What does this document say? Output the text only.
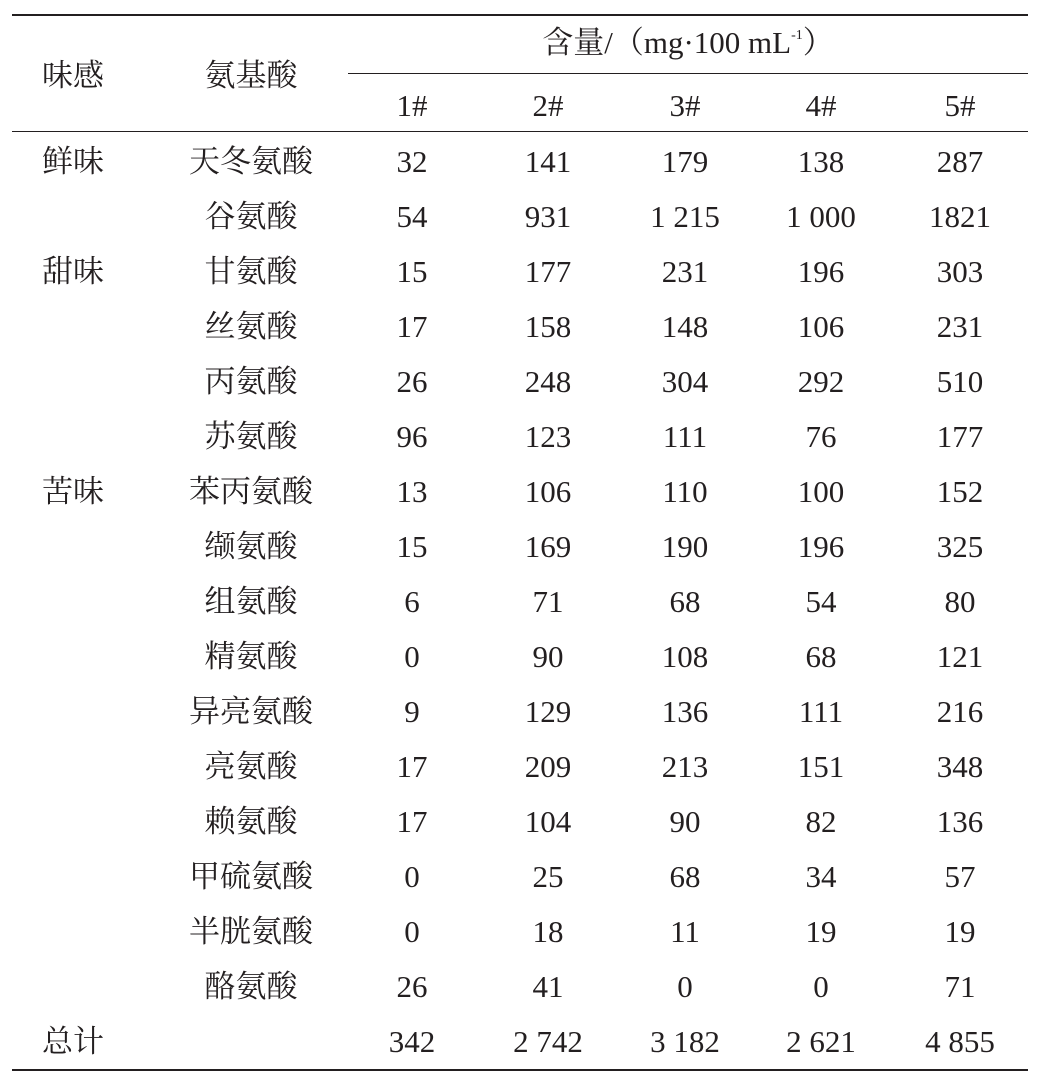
味感	氨基酸	含量/（mg·100 $mL^{-1}$）				
		1#	2#	3#	4#	5#
鲜味	天冬氨酸	32	141	179	138	287
	谷氨酸	54	931	1 215	1 000	1821
甜味	甘氨酸	15	177	231	196	303
	丝氨酸	17	158	148	106	231
	丙氨酸	26	248	304	292	510
	苏氨酸	96	123	111	76	177
苦味	苯丙氨酸	13	106	110	100	152
	缬氨酸	15	169	190	196	325
	组氨酸	6	71	68	54	80
	精氨酸	0	90	108	68	121
	异亮氨酸	9	129	136	111	216
	亮氨酸	17	209	213	151	348
	赖氨酸	17	104	90	82	136
	甲硫氨酸	0	25	68	34	57
	半胱氨酸	0	18	11	19	19
	酪氨酸	26	41	0	0	71
总计		342	2 742	3 182	2 621	4 855
